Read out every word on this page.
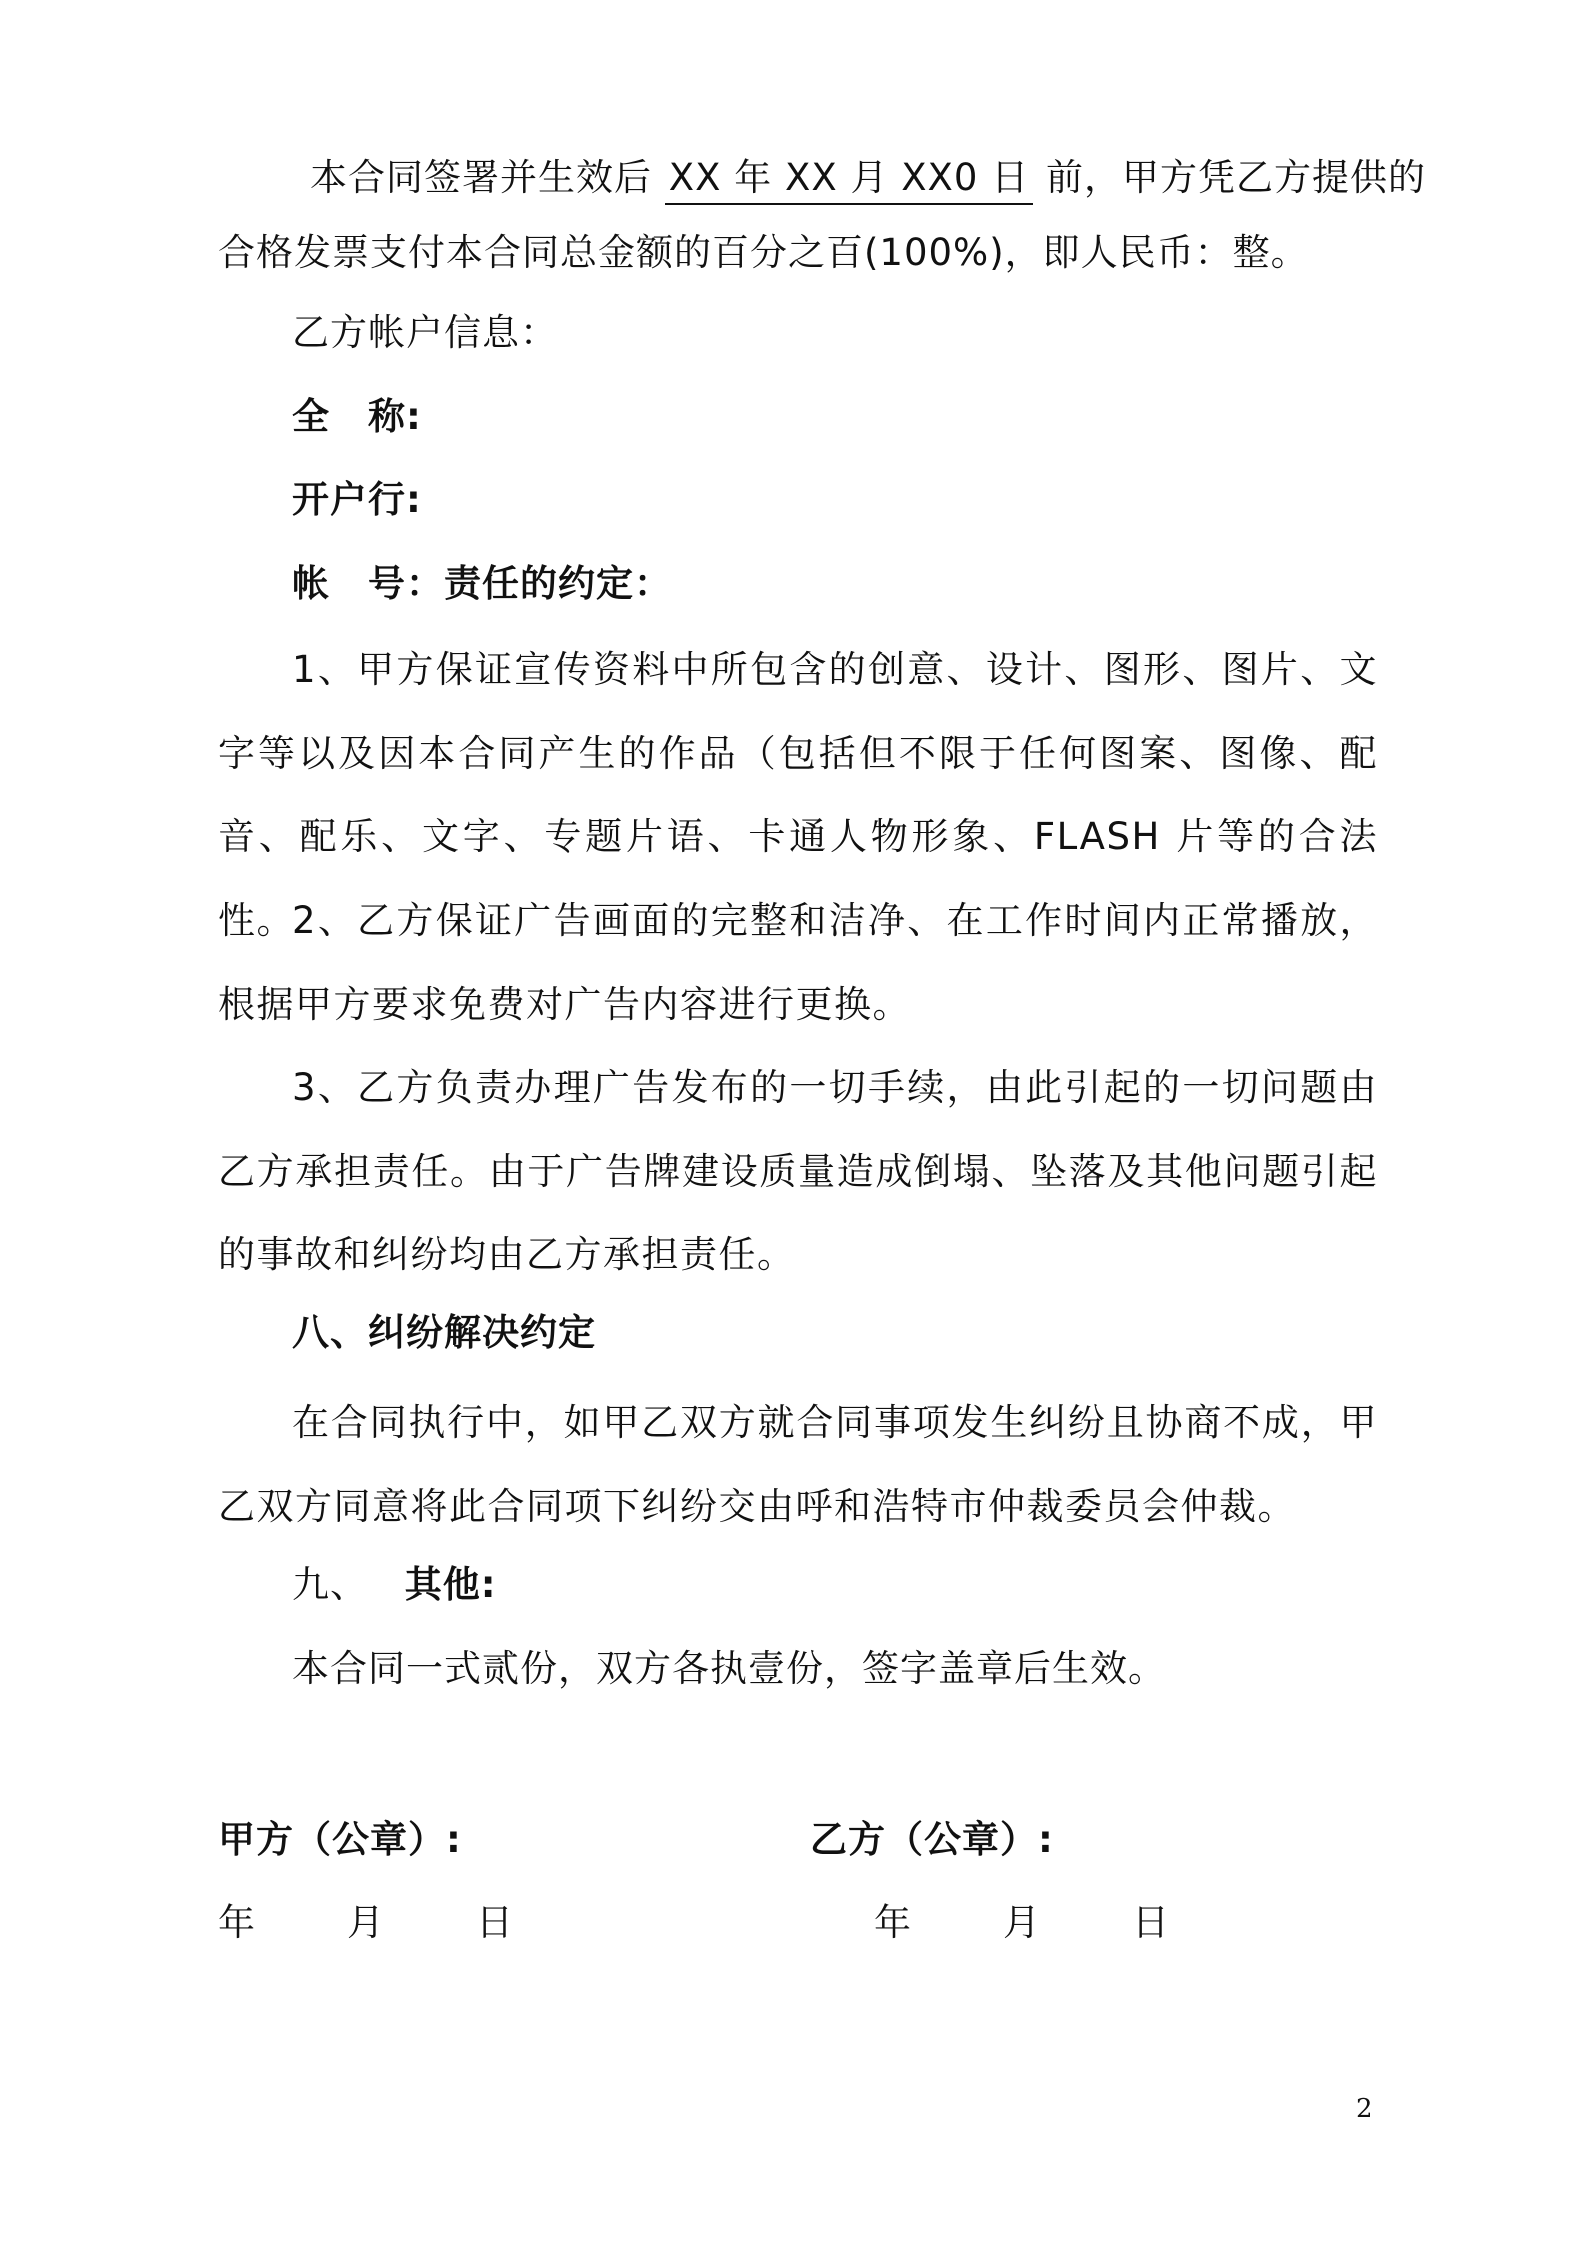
本合同签署并生效后 XX 年 XX 月 XX0 日 前，甲方凭乙方提供的
合格发票支付本合同总金额的百分之百(100%)，即人民币：整。
乙方帐户信息：
全　称:
开户行:
帐　号：责任的约定：
1、甲方保证宣传资料中所包含的创意、设计、图形、图片、文字等以及因本合同产生的作品（包括但不限于任何图案、图像、配音、配乐、文字、专题片语、卡通人物形象、FLASH 片等的合法性。
2、乙方保证广告画面的完整和洁净、在工作时间内正常播放，根据甲方要求免费对广告内容进行更换。
3、乙方负责办理广告发布的一切手续，由此引起的一切问题由乙方承担责任。由于广告牌建设质量造成倒塌、坠落及其他问题引起的事故和纠纷均由乙方承担责任。
八、纠纷解决约定
在合同执行中，如甲乙双方就合同事项发生纠纷且协商不成，甲乙双方同意将此合同项下纠纷交由呼和浩特市仲裁委员会仲裁。
九、 其他:
本合同一式贰份，双方各执壹份，签字盖章后生效。
甲方（公章）:	乙方（公章）:
年　　月　　日	年　　月　　日
2
